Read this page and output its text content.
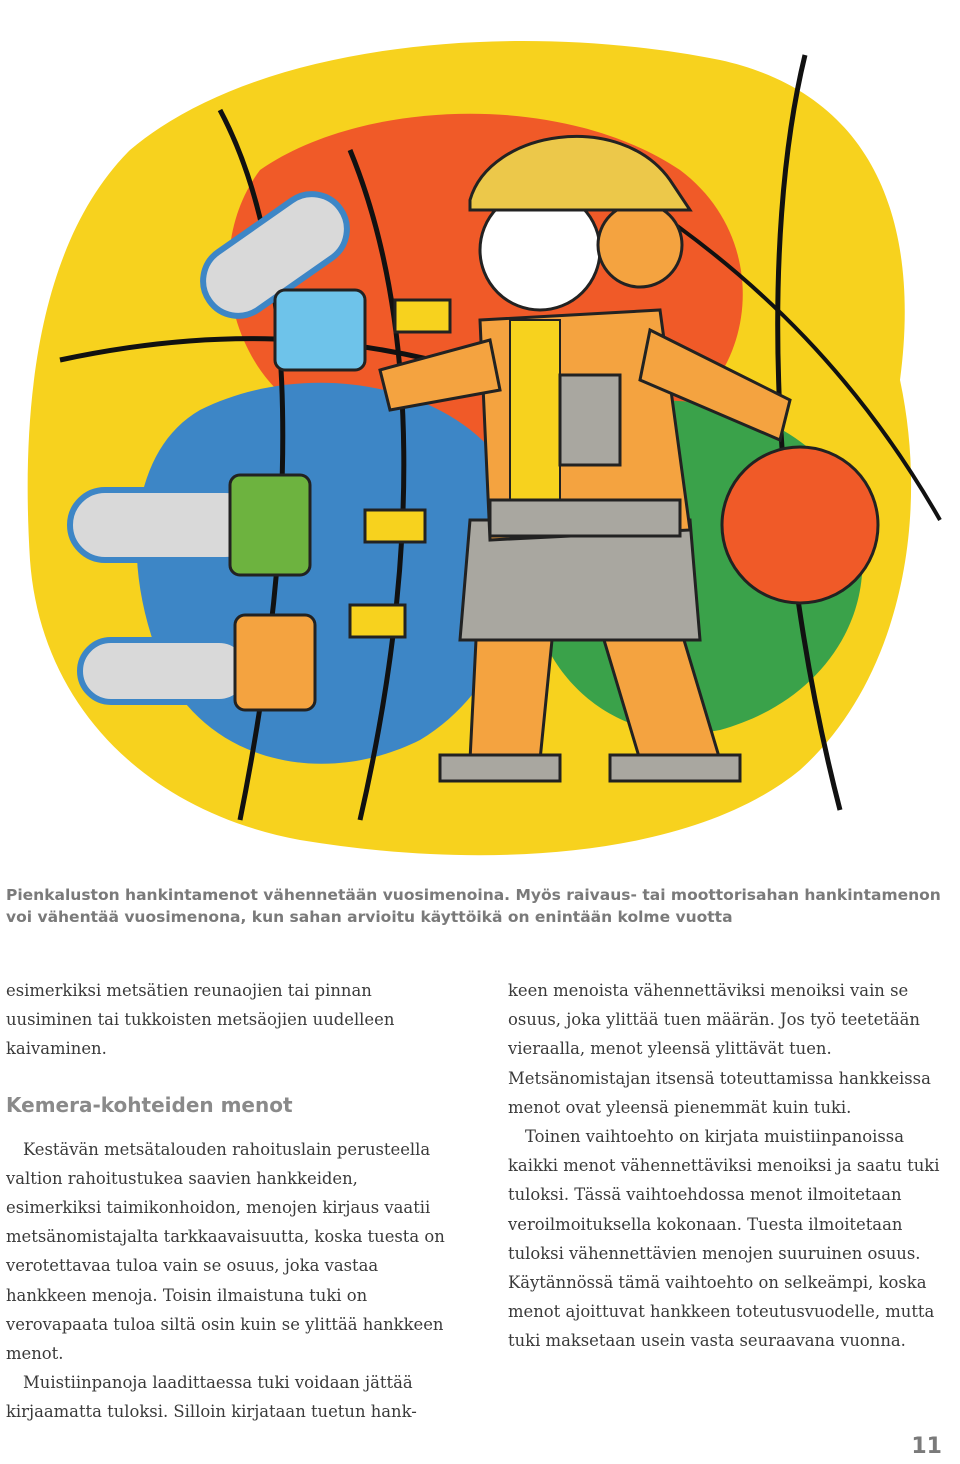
Pienkaluston hankintamenot vähennetään vuosimenoina. Myös raivaus- tai moottorisahan hankintamenon voi vähentää vuosimenona, kun sahan arvioitu käyttöikä on enintään kolme vuotta

esimerkiksi metsätien reunaojien tai pinnan uusiminen tai tukkoisten metsäojien uudelleen kaivaminen.

Kemera-kohteiden menot

Kestävän metsätalouden rahoituslain perusteella valtion rahoitustukea saavien hankkeiden, esimerkiksi taimikonhoidon, menojen kirjaus vaatii metsänomistajalta tarkkaavaisuutta, koska tuesta on verotettavaa tuloa vain se osuus, joka vastaa hankkeen menoja. Toisin ilmaistuna tuki on verovapaata tuloa siltä osin kuin se ylittää hankkeen menot.

Muistiinpanoja laadittaessa tuki voidaan jättää kirjaamatta tuloksi. Silloin kirjataan tuetun hank-

keen menoista vähennettäviksi menoiksi vain se osuus, joka ylittää tuen määrän. Jos työ teetetään vieraalla, menot yleensä ylittävät tuen. Metsänomistajan itsensä toteuttamissa hankkeissa menot ovat yleensä pienemmät kuin tuki.

Toinen vaihtoehto on kirjata muistiinpanoissa kaikki menot vähennettäviksi menoiksi ja saatu tuki tuloksi. Tässä vaihtoehdossa menot ilmoitetaan veroilmoituksella kokonaan. Tuesta ilmoitetaan tuloksi vähennettävien menojen suuruinen osuus. Käytännössä tämä vaihtoehto on selkeämpi, koska menot ajoittuvat hankkeen toteutusvuodelle, mutta tuki maksetaan usein vasta seuraavana vuonna.

11
